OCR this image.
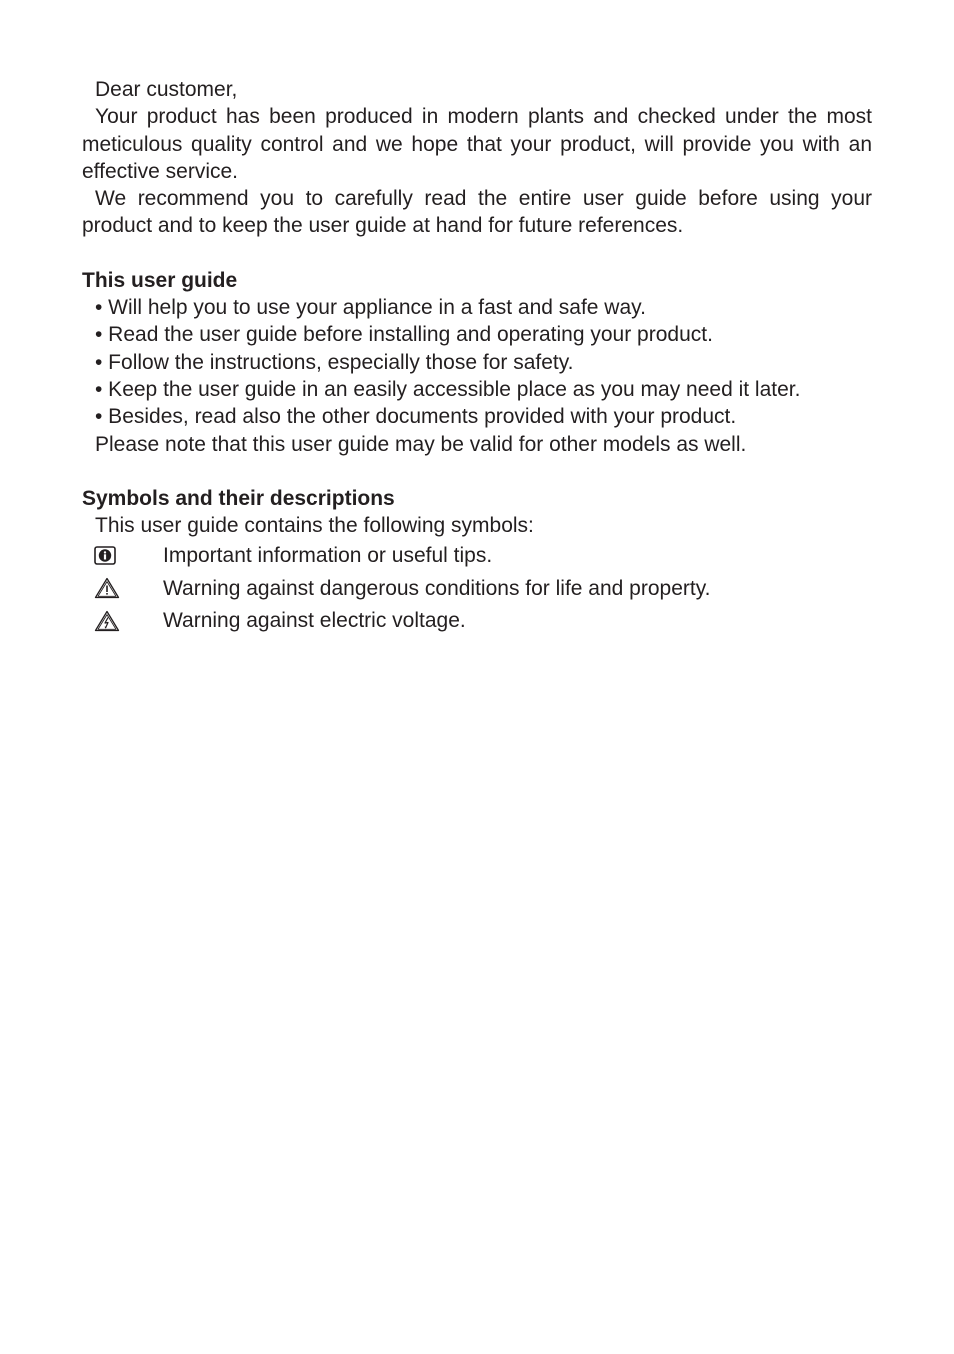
Dear customer,

Your product has been produced in modern plants and checked under the most meticulous quality control and we hope that your product, will provide you with an effective service.

We recommend you to carefully read the entire user guide before using your product and to keep the user guide at hand for future references.

This user guide
• Will help you to use your appliance in a fast and safe way.
• Read the user guide before installing and operating your product.
• Follow the instructions, especially those for safety.
• Keep the user guide in an easily accessible place as you may need it later.
• Besides, read also the other documents provided with your product.

Please note that this user guide may be valid for other models as well.

Symbols and their descriptions

This user guide contains the following symbols:

Important information or useful tips.
Warning against dangerous conditions for life and property.
Warning against electric voltage.
